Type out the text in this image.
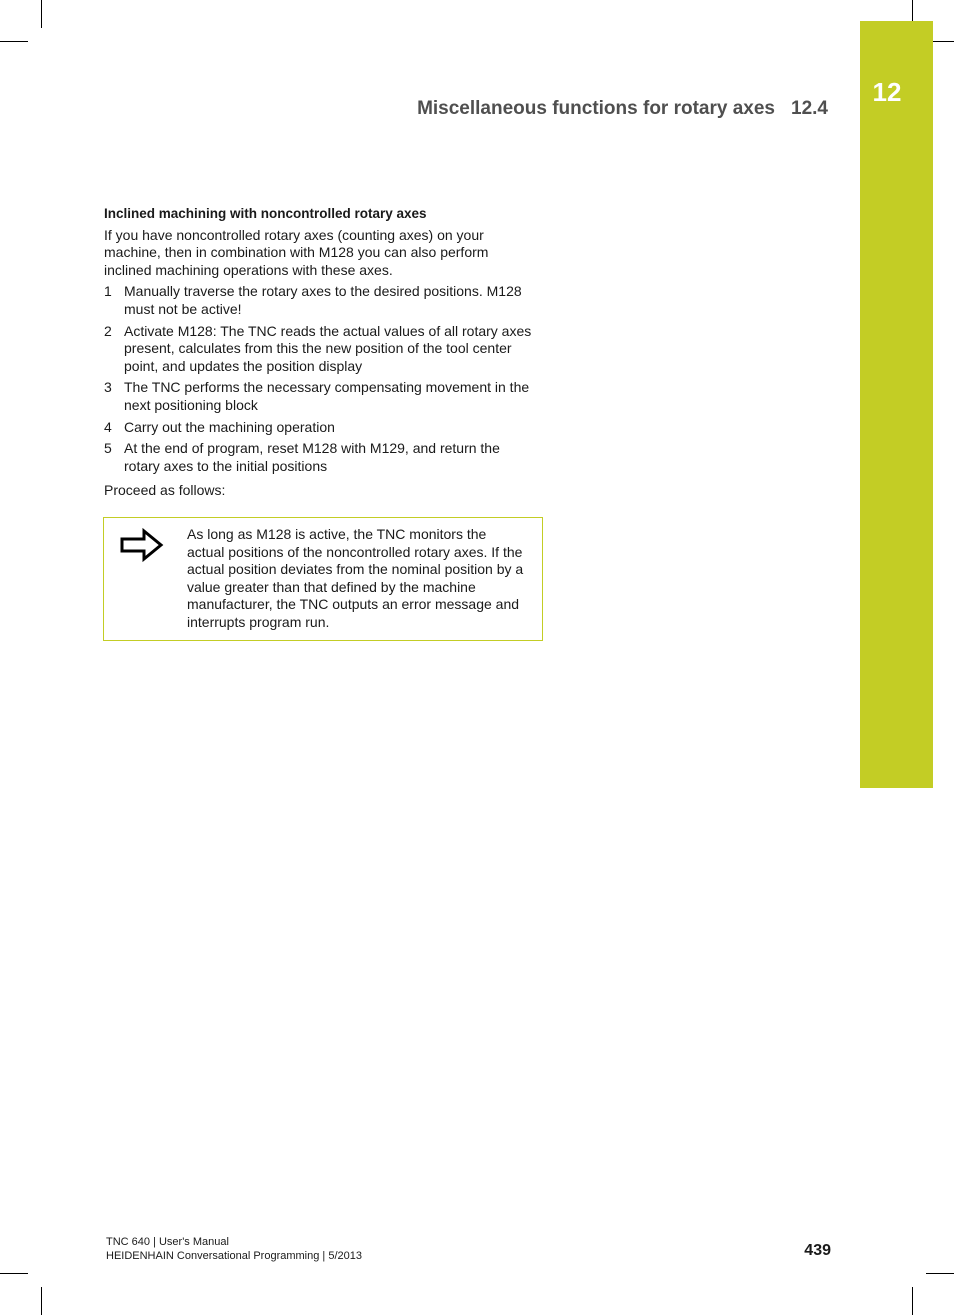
12
Miscellaneous functions for rotary axes 12.4
Inclined machining with noncontrolled rotary axes

If you have noncontrolled rotary axes (counting axes) on your machine, then in combination with M128 you can also perform inclined machining operations with these axes.

1 Manually traverse the rotary axes to the desired positions. M128 must not be active!
2 Activate M128: The TNC reads the actual values of all rotary axes present, calculates from this the new position of the tool center point, and updates the position display
3 The TNC performs the necessary compensating movement in the next positioning block
4 Carry out the machining operation
5 At the end of program, reset M128 with M129, and return the rotary axes to the initial positions

Proceed as follows:

As long as M128 is active, the TNC monitors the actual positions of the noncontrolled rotary axes. If the actual position deviates from the nominal position by a value greater than that defined by the machine manufacturer, the TNC outputs an error message and interrupts program run.
TNC 640 | User's Manual
HEIDENHAIN Conversational Programming | 5/2013	439
